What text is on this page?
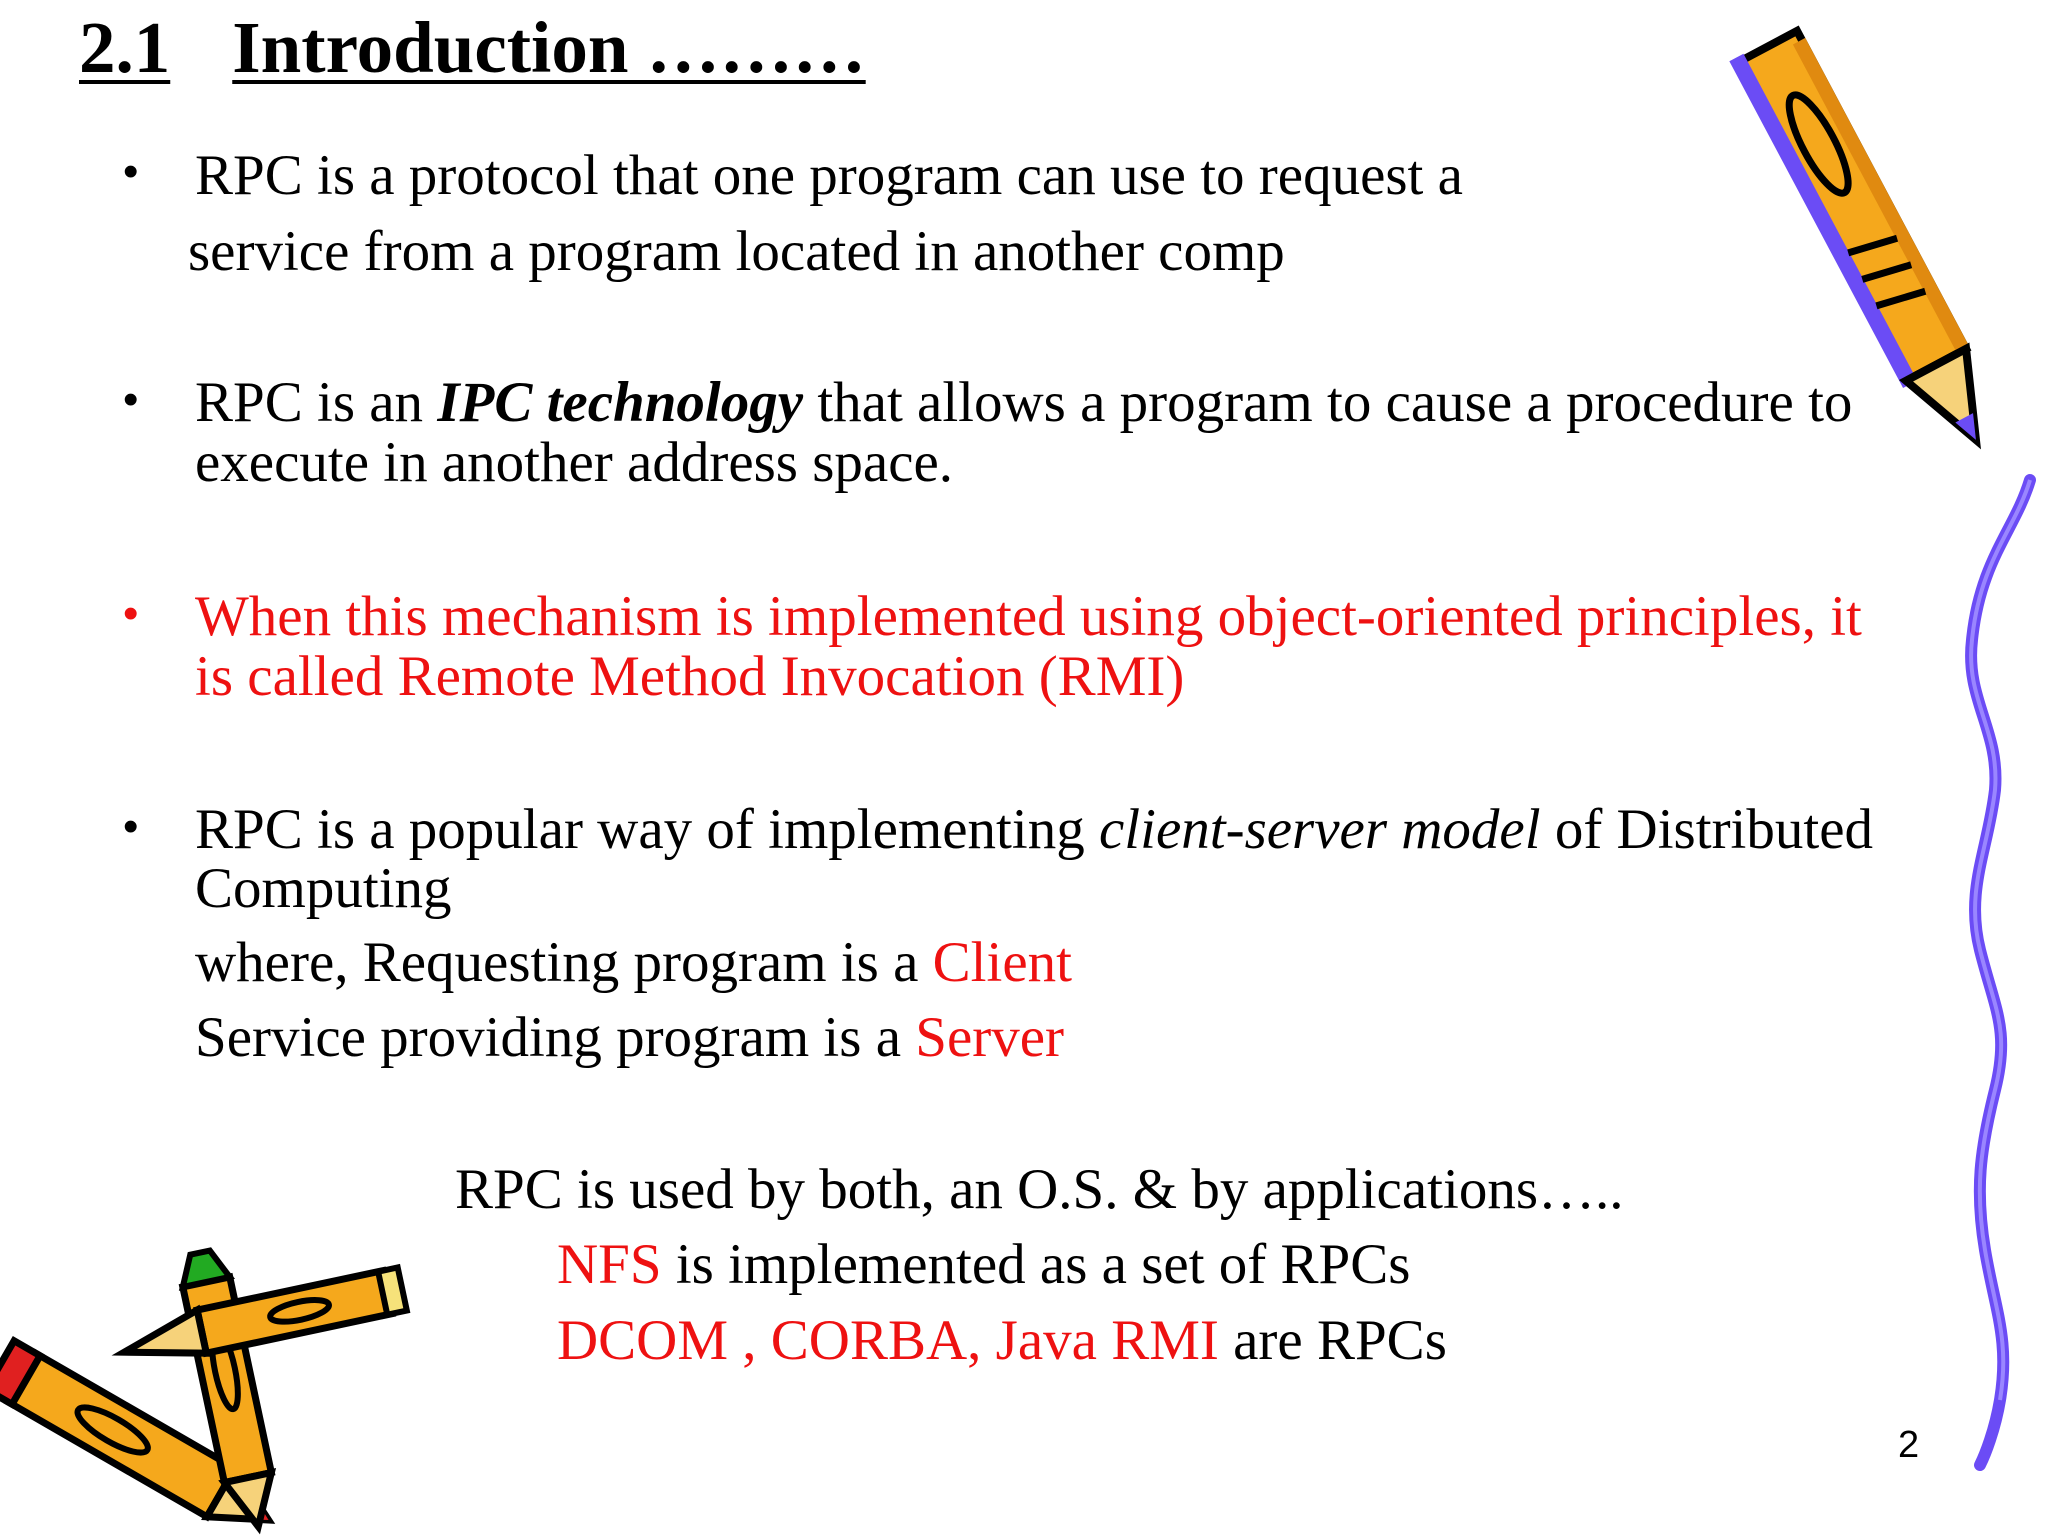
2.1 Introduction ………
•
•
•
•
RPC is a protocol that one program can use to request a
service from a program located in another comp
RPC is an IPC technology that allows a program to cause a procedure to
execute in another address space.
When this mechanism is implemented using object-oriented principles, it
is called Remote Method Invocation (RMI)
RPC is a popular way of implementing client-server model of Distributed
Computing
where, Requesting program is a Client
Service providing program is a Server
RPC is used by both, an O.S. & by applications…..
NFS is implemented as a set of RPCs
DCOM , CORBA, Java RMI are RPCs
2
